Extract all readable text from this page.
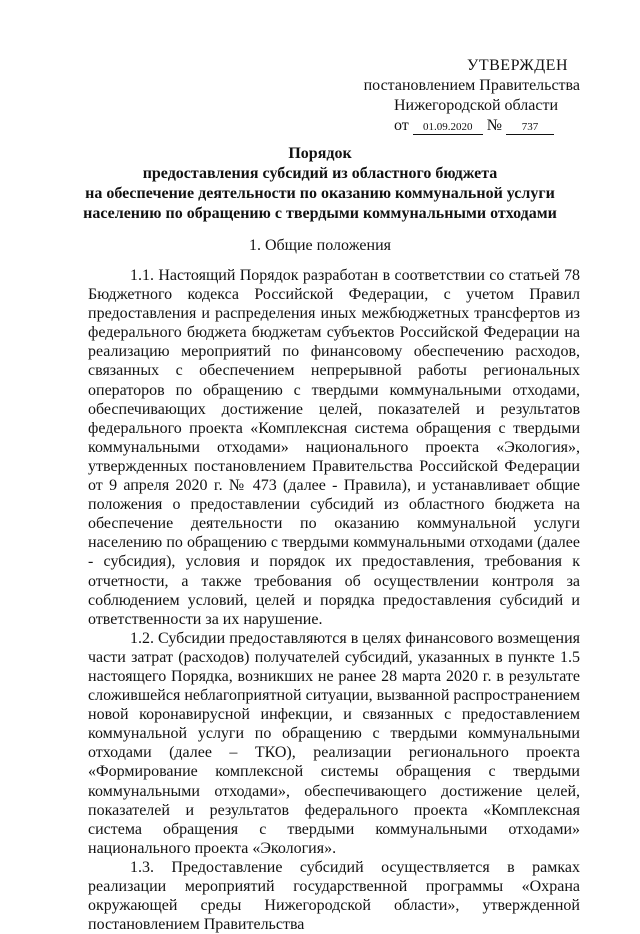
УТВЕРЖДЕН
постановлением Правительства
Нижегородской области
от 01.09.2020 № 737
Порядок
предоставления субсидий из областного бюджета
на обеспечение деятельности по оказанию коммунальной услуги
населению по обращению с твердыми коммунальными отходами
1. Общие положения

1.1. Настоящий Порядок разработан в соответствии со статьей 78 Бюджетного кодекса Российской Федерации, с учетом Правил предоставления и распределения иных межбюджетных трансфертов из федерального бюджета бюджетам субъектов Российской Федерации на реализацию мероприятий по финансовому обеспечению расходов, связанных с обеспечением непрерывной работы региональных операторов по обращению с твердыми коммунальными отходами, обеспечивающих достижение целей, показателей и результатов федерального проекта «Комплексная система обращения с твердыми коммунальными отходами» национального проекта «Экология», утвержденных постановлением Правительства Российской Федерации от 9 апреля 2020 г. № 473 (далее - Правила), и устанавливает общие положения о предоставлении субсидий из областного бюджета на обеспечение деятельности по оказанию коммунальной услуги населению по обращению с твердыми коммунальными отходами (далее - субсидия), условия и порядок их предоставления, требования к отчетности, а также требования об осуществлении контроля за соблюдением условий, целей и порядка предоставления субсидий и ответственности за их нарушение.

1.2. Субсидии предоставляются в целях финансового возмещения части затрат (расходов) получателей субсидий, указанных в пункте 1.5 настоящего Порядка, возникших не ранее 28 марта 2020 г. в результате сложившейся неблагоприятной ситуации, вызванной распространением новой коронавирусной инфекции, и связанных с предоставлением коммунальной услуги по обращению с твердыми коммунальными отходами (далее – ТКО), реализации регионального проекта «Формирование комплексной системы обращения с твердыми коммунальными отходами», обеспечивающего достижение целей, показателей и результатов федерального проекта «Комплексная система обращения с твердыми коммунальными отходами» национального проекта «Экология».

1.3. Предоставление субсидий осуществляется в рамках реализации мероприятий государственной программы «Охрана окружающей среды Нижегородской области», утвержденной постановлением Правительства
